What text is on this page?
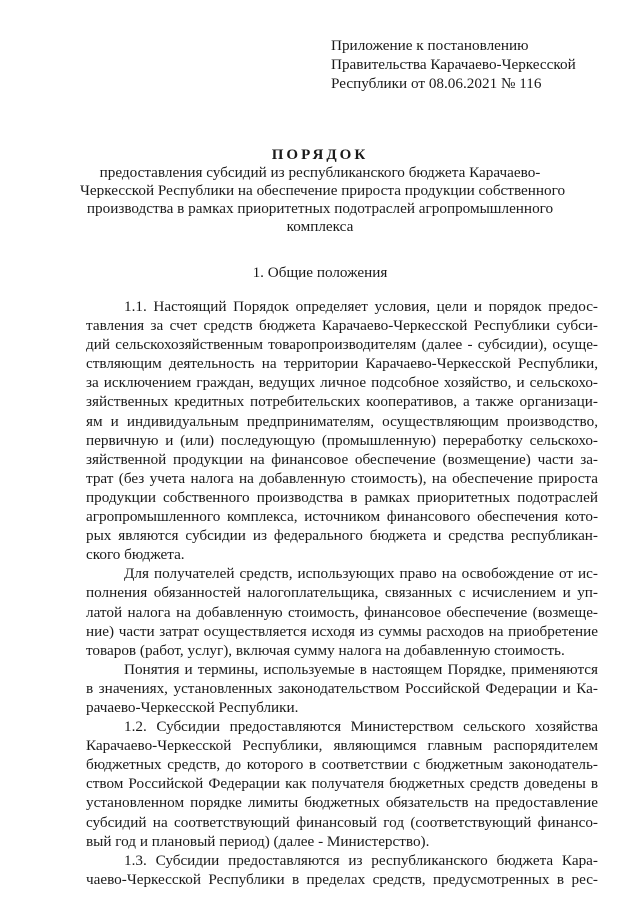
Приложение к постановлению
Правительства Карачаево-Черкесской
Республики от 08.06.2021 № 116
ПОРЯДОК
предоставления субсидий из республиканского бюджета Карачаево-
Черкесской Республики на обеспечение прироста продукции собственного
производства в рамках приоритетных подотраслей агропромышленного
комплекса
1. Общие положения
1.1. Настоящий Порядок определяет условия, цели и порядок предос-
тавления за счет средств бюджета Карачаево-Черкесской Республики субси-
дий сельскохозяйственным товаропроизводителям (далее - субсидии), осуще-
ствляющим деятельность на территории Карачаево-Черкесской Республики,
за исключением граждан, ведущих личное подсобное хозяйство, и сельскохо-
зяйственных кредитных потребительских кооперативов, а также организаци-
ям и индивидуальным предпринимателям, осуществляющим производство,
первичную и (или) последующую (промышленную) переработку сельскохо-
зяйственной продукции на финансовое обеспечение (возмещение) части за-
трат (без учета налога на добавленную стоимость), на обеспечение прироста
продукции собственного производства в рамках приоритетных подотраслей
агропромышленного комплекса, источником финансового обеспечения кото-
рых являются субсидии из федерального бюджета и средства республикан-
ского бюджета.
Для получателей средств, использующих право на освобождение от ис-
полнения обязанностей налогоплательщика, связанных с исчислением и уп-
латой налога на добавленную стоимость, финансовое обеспечение (возмеще-
ние) части затрат осуществляется исходя из суммы расходов на приобретение
товаров (работ, услуг), включая сумму налога на добавленную стоимость.
Понятия и термины, используемые в настоящем Порядке, применяются
в значениях, установленных законодательством Российской Федерации и Ка-
рачаево-Черкесской Республики.
1.2. Субсидии предоставляются Министерством сельского хозяйства
Карачаево-Черкесской Республики, являющимся главным распорядителем
бюджетных средств, до которого в соответствии с бюджетным законодатель-
ством Российской Федерации как получателя бюджетных средств доведены в
установленном порядке лимиты бюджетных обязательств на предоставление
субсидий на соответствующий финансовый год (соответствующий финансо-
вый год и плановый период) (далее - Министерство).
1.3. Субсидии предоставляются из республиканского бюджета Кара-
чаево-Черкесской Республики в пределах средств, предусмотренных в рес-
